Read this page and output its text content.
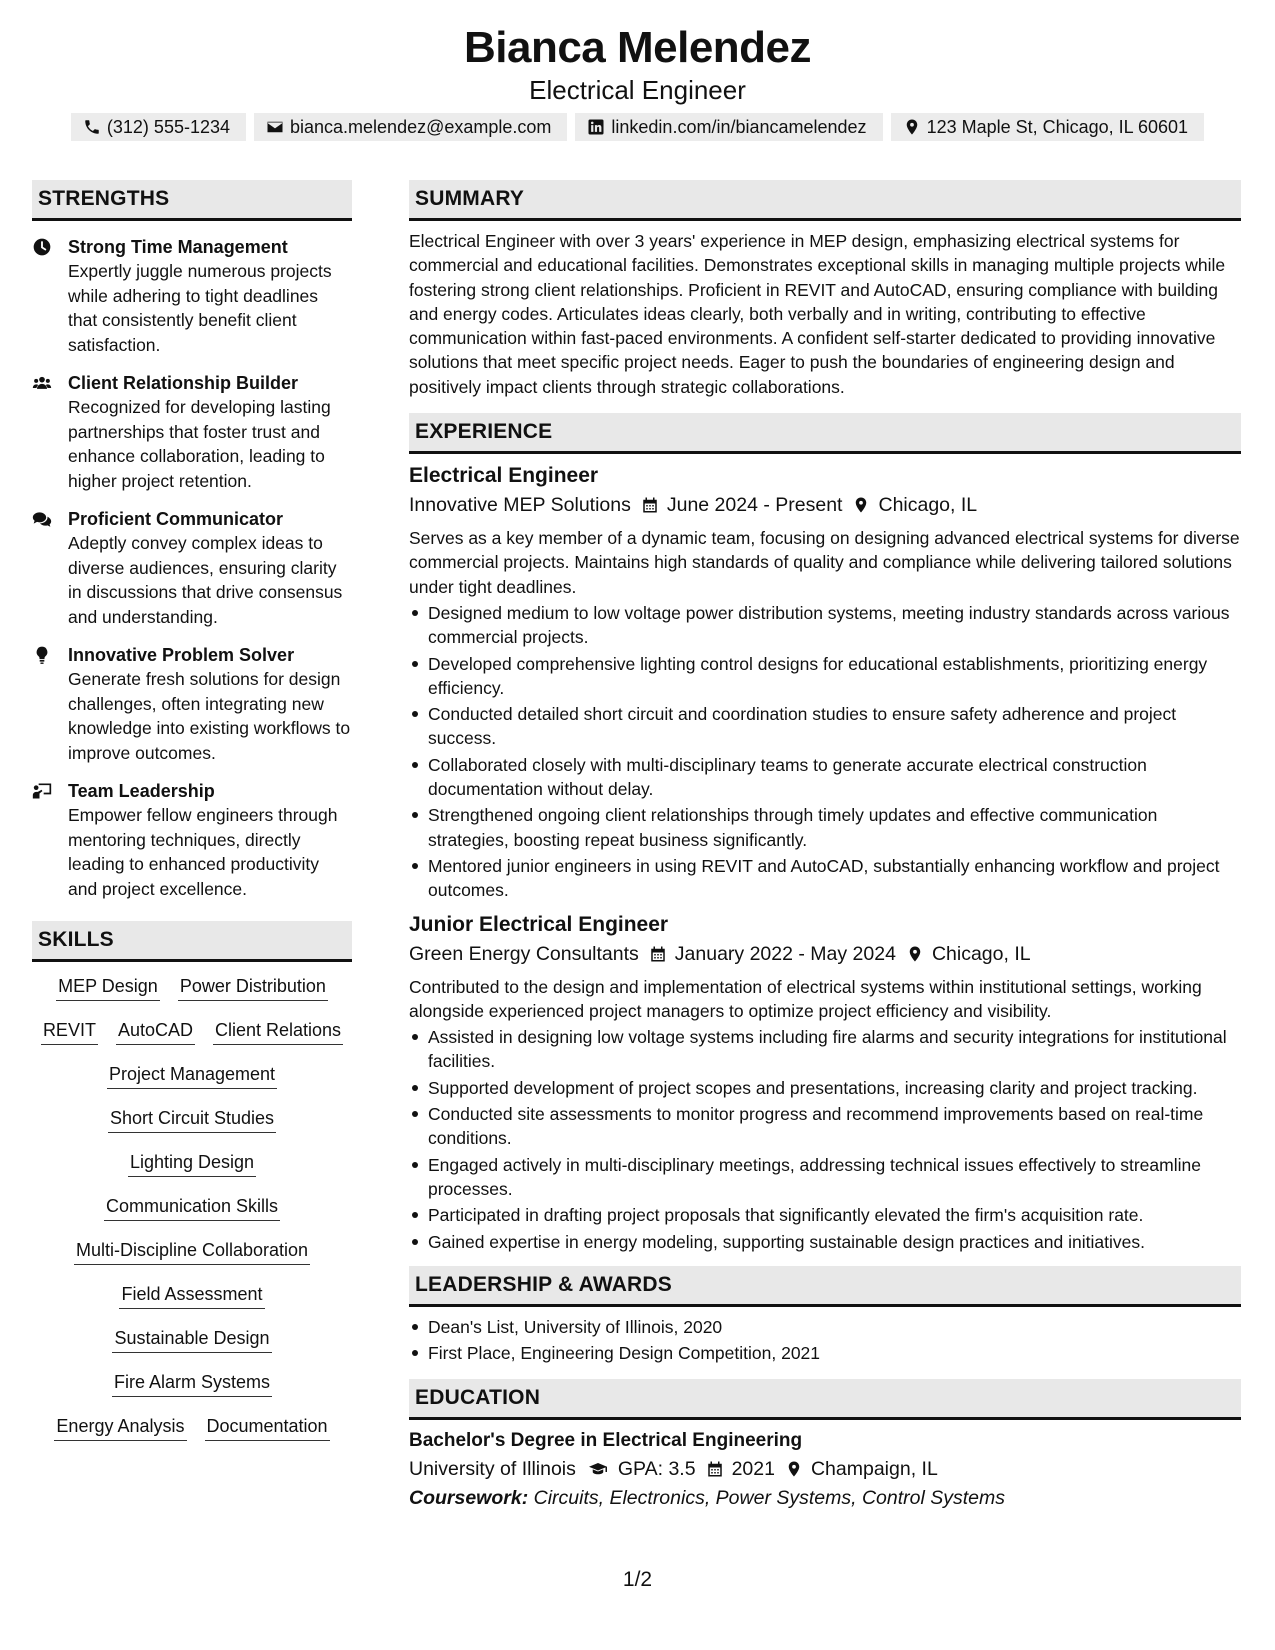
Bianca Melendez
Electrical Engineer
(312) 555-1234	bianca.melendez@example.com	linkedin.com/in/biancamelendez	123 Maple St, Chicago, IL 60601
STRENGTHS
Strong Time Management
Expertly juggle numerous projects while adhering to tight deadlines that consistently benefit client satisfaction.
Client Relationship Builder
Recognized for developing lasting partnerships that foster trust and enhance collaboration, leading to higher project retention.
Proficient Communicator
Adeptly convey complex ideas to diverse audiences, ensuring clarity in discussions that drive consensus and understanding.
Innovative Problem Solver
Generate fresh solutions for design challenges, often integrating new knowledge into existing workflows to improve outcomes.
Team Leadership
Empower fellow engineers through mentoring techniques, directly leading to enhanced productivity and project excellence.
SKILLS
MEP Design Power Distribution
REVIT AutoCAD Client Relations
Project Management
Short Circuit Studies
Lighting Design
Communication Skills
Multi-Discipline Collaboration
Field Assessment
Sustainable Design
Fire Alarm Systems
Energy Analysis Documentation
SUMMARY
Electrical Engineer with over 3 years' experience in MEP design, emphasizing electrical systems for commercial and educational facilities. Demonstrates exceptional skills in managing multiple projects while fostering strong client relationships. Proficient in REVIT and AutoCAD, ensuring compliance with building and energy codes. Articulates ideas clearly, both verbally and in writing, contributing to effective communication within fast-paced environments. A confident self-starter dedicated to providing innovative solutions that meet specific project needs. Eager to push the boundaries of engineering design and positively impact clients through strategic collaborations.
EXPERIENCE
Electrical Engineer
Innovative MEP Solutions June 2024 - Present Chicago, IL
Serves as a key member of a dynamic team, focusing on designing advanced electrical systems for diverse commercial projects. Maintains high standards of quality and compliance while delivering tailored solutions under tight deadlines.
Designed medium to low voltage power distribution systems, meeting industry standards across various commercial projects.
Developed comprehensive lighting control designs for educational establishments, prioritizing energy efficiency.
Conducted detailed short circuit and coordination studies to ensure safety adherence and project success.
Collaborated closely with multi-disciplinary teams to generate accurate electrical construction documentation without delay.
Strengthened ongoing client relationships through timely updates and effective communication strategies, boosting repeat business significantly.
Mentored junior engineers in using REVIT and AutoCAD, substantially enhancing workflow and project outcomes.
Junior Electrical Engineer
Green Energy Consultants January 2022 - May 2024 Chicago, IL
Contributed to the design and implementation of electrical systems within institutional settings, working alongside experienced project managers to optimize project efficiency and visibility.
Assisted in designing low voltage systems including fire alarms and security integrations for institutional facilities.
Supported development of project scopes and presentations, increasing clarity and project tracking.
Conducted site assessments to monitor progress and recommend improvements based on real-time conditions.
Engaged actively in multi-disciplinary meetings, addressing technical issues effectively to streamline processes.
Participated in drafting project proposals that significantly elevated the firm's acquisition rate.
Gained expertise in energy modeling, supporting sustainable design practices and initiatives.
LEADERSHIP & AWARDS
Dean's List, University of Illinois, 2020
First Place, Engineering Design Competition, 2021
EDUCATION
Bachelor's Degree in Electrical Engineering
University of Illinois GPA: 3.5 2021 Champaign, IL
Coursework: Circuits, Electronics, Power Systems, Control Systems
1/2
